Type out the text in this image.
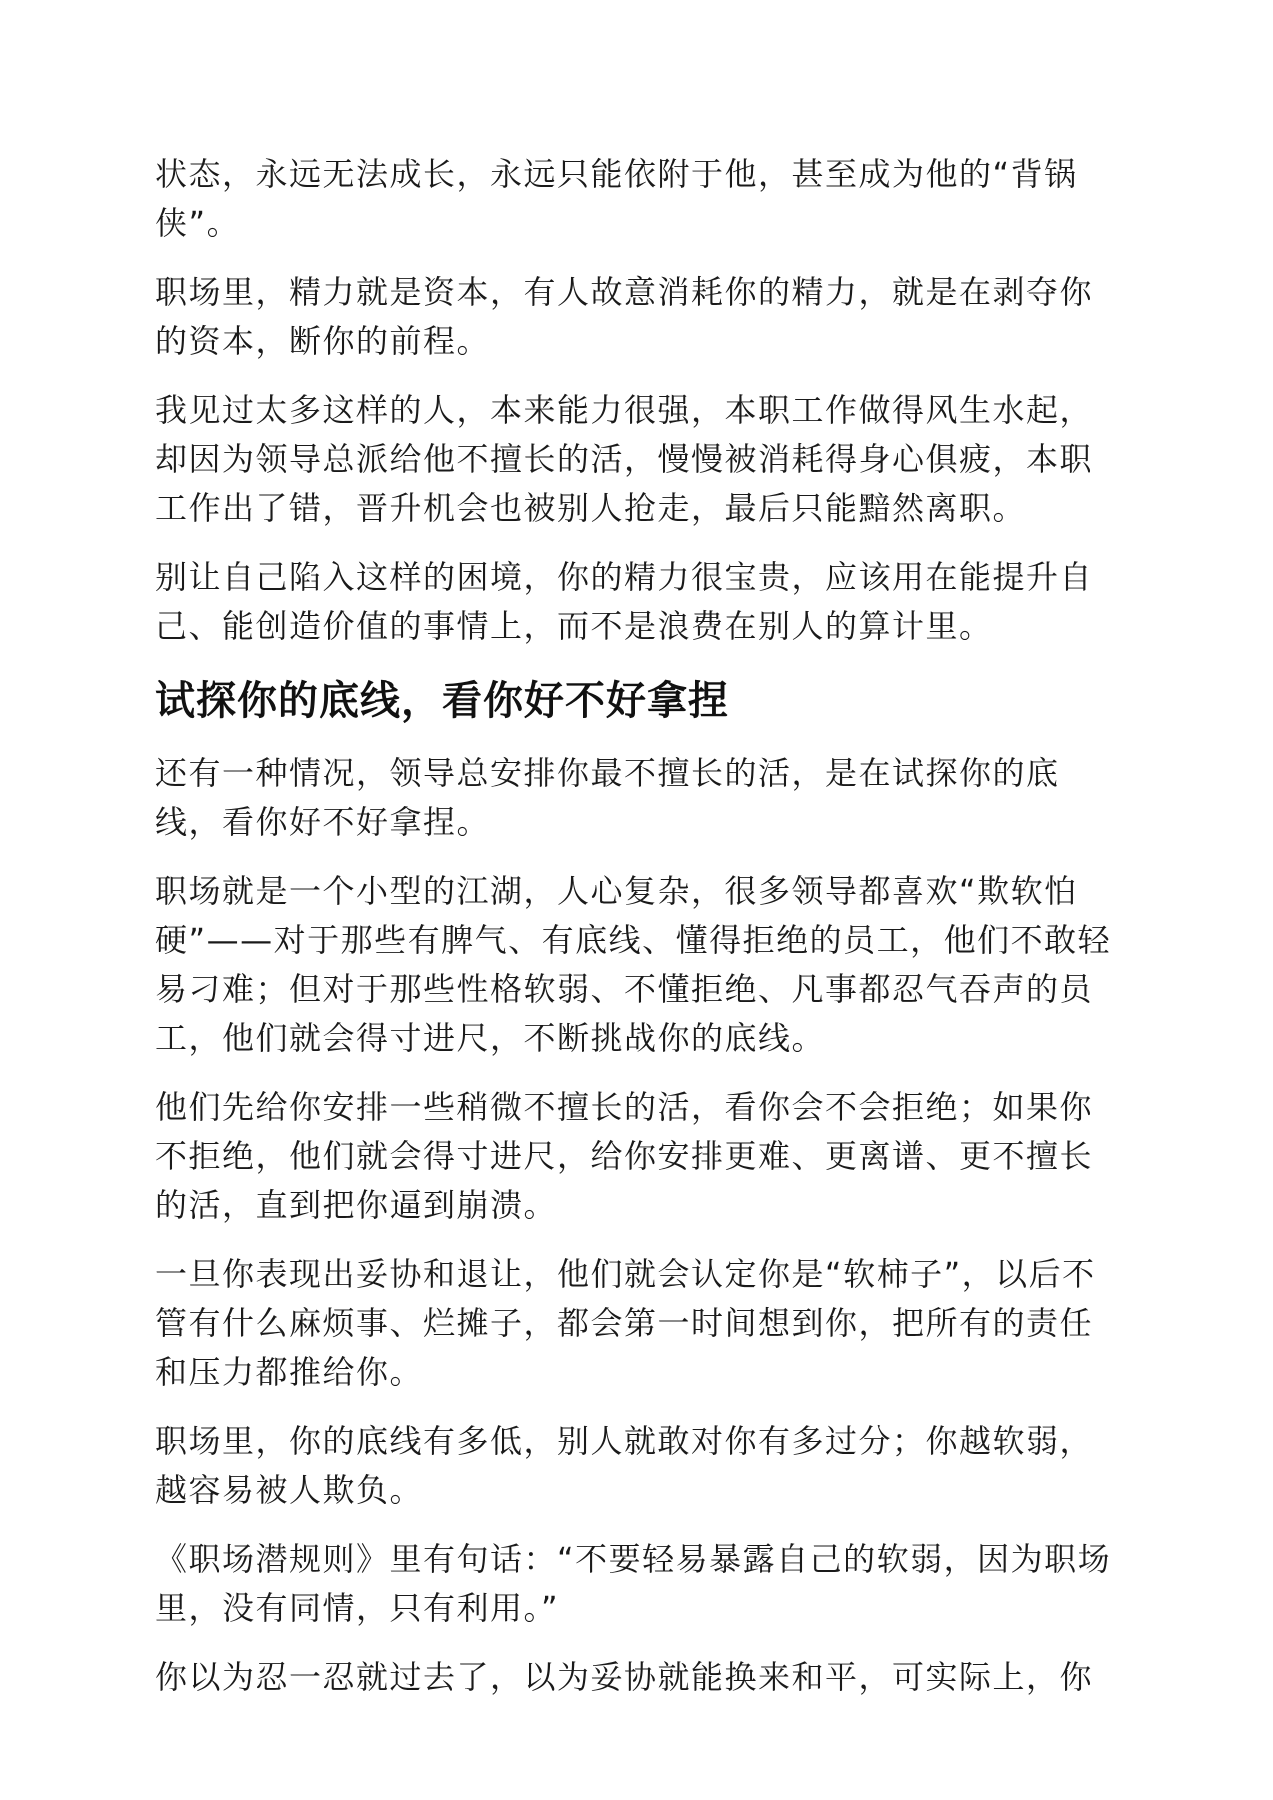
状态，永远无法成长，永远只能依附于他，甚至成为他的“背锅侠”。

职场里，精力就是资本，有人故意消耗你的精力，就是在剥夺你的资本，断你的前程。

我见过太多这样的人，本来能力很强，本职工作做得风生水起，却因为领导总派给他不擅长的活，慢慢被消耗得身心俱疲，本职工作出了错，晋升机会也被别人抢走，最后只能黯然离职。

别让自己陷入这样的困境，你的精力很宝贵，应该用在能提升自己、能创造价值的事情上，而不是浪费在别人的算计里。

试探你的底线，看你好不好拿捏

还有一种情况，领导总安排你最不擅长的活，是在试探你的底线，看你好不好拿捏。

职场就是一个小型的江湖，人心复杂，很多领导都喜欢“欺软怕硬”——对于那些有脾气、有底线、懂得拒绝的员工，他们不敢轻易刁难；但对于那些性格软弱、不懂拒绝、凡事都忍气吞声的员工，他们就会得寸进尺，不断挑战你的底线。

他们先给你安排一些稍微不擅长的活，看你会不会拒绝；如果你不拒绝，他们就会得寸进尺，给你安排更难、更离谱、更不擅长的活，直到把你逼到崩溃。

一旦你表现出妥协和退让，他们就会认定你是“软柿子”，以后不管有什么麻烦事、烂摊子，都会第一时间想到你，把所有的责任和压力都推给你。

职场里，你的底线有多低，别人就敢对你有多过分；你越软弱，越容易被人欺负。

《职场潜规则》里有句话：“不要轻易暴露自己的软弱，因为职场里，没有同情，只有利用。”

你以为忍一忍就过去了，以为妥协就能换来和平，可实际上，你
